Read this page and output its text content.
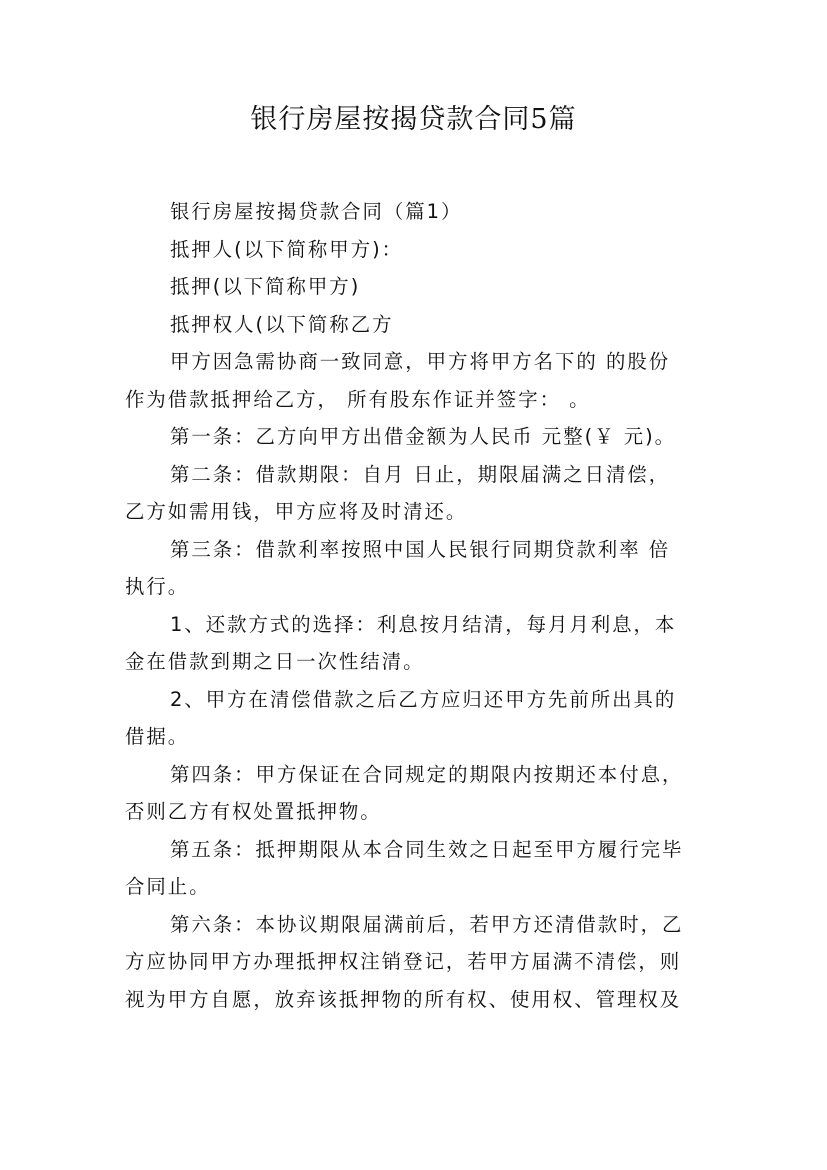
银行房屋按揭贷款合同5篇

银行房屋按揭贷款合同（篇1）

抵押人(以下简称甲方)：

抵押(以下简称甲方)

抵押权人(以下简称乙方

甲方因急需协商一致同意，甲方将甲方名下的 的股份
作为借款抵押给乙方， 所有股东作证并签字： 。

第一条：乙方向甲方出借金额为人民币 元整(￥ 元)。

第二条：借款期限：自月 日止，期限届满之日清偿，
乙方如需用钱，甲方应将及时清还。

第三条：借款利率按照中国人民银行同期贷款利率 倍
执行。

1、还款方式的选择：利息按月结清，每月月利息，本
金在借款到期之日一次性结清。

2、甲方在清偿借款之后乙方应归还甲方先前所出具的
借据。

第四条：甲方保证在合同规定的期限内按期还本付息，
否则乙方有权处置抵押物。

第五条：抵押期限从本合同生效之日起至甲方履行完毕
合同止。

第六条：本协议期限届满前后，若甲方还清借款时，乙
方应协同甲方办理抵押权注销登记，若甲方届满不清偿，则
视为甲方自愿，放弃该抵押物的所有权、使用权、管理权及
